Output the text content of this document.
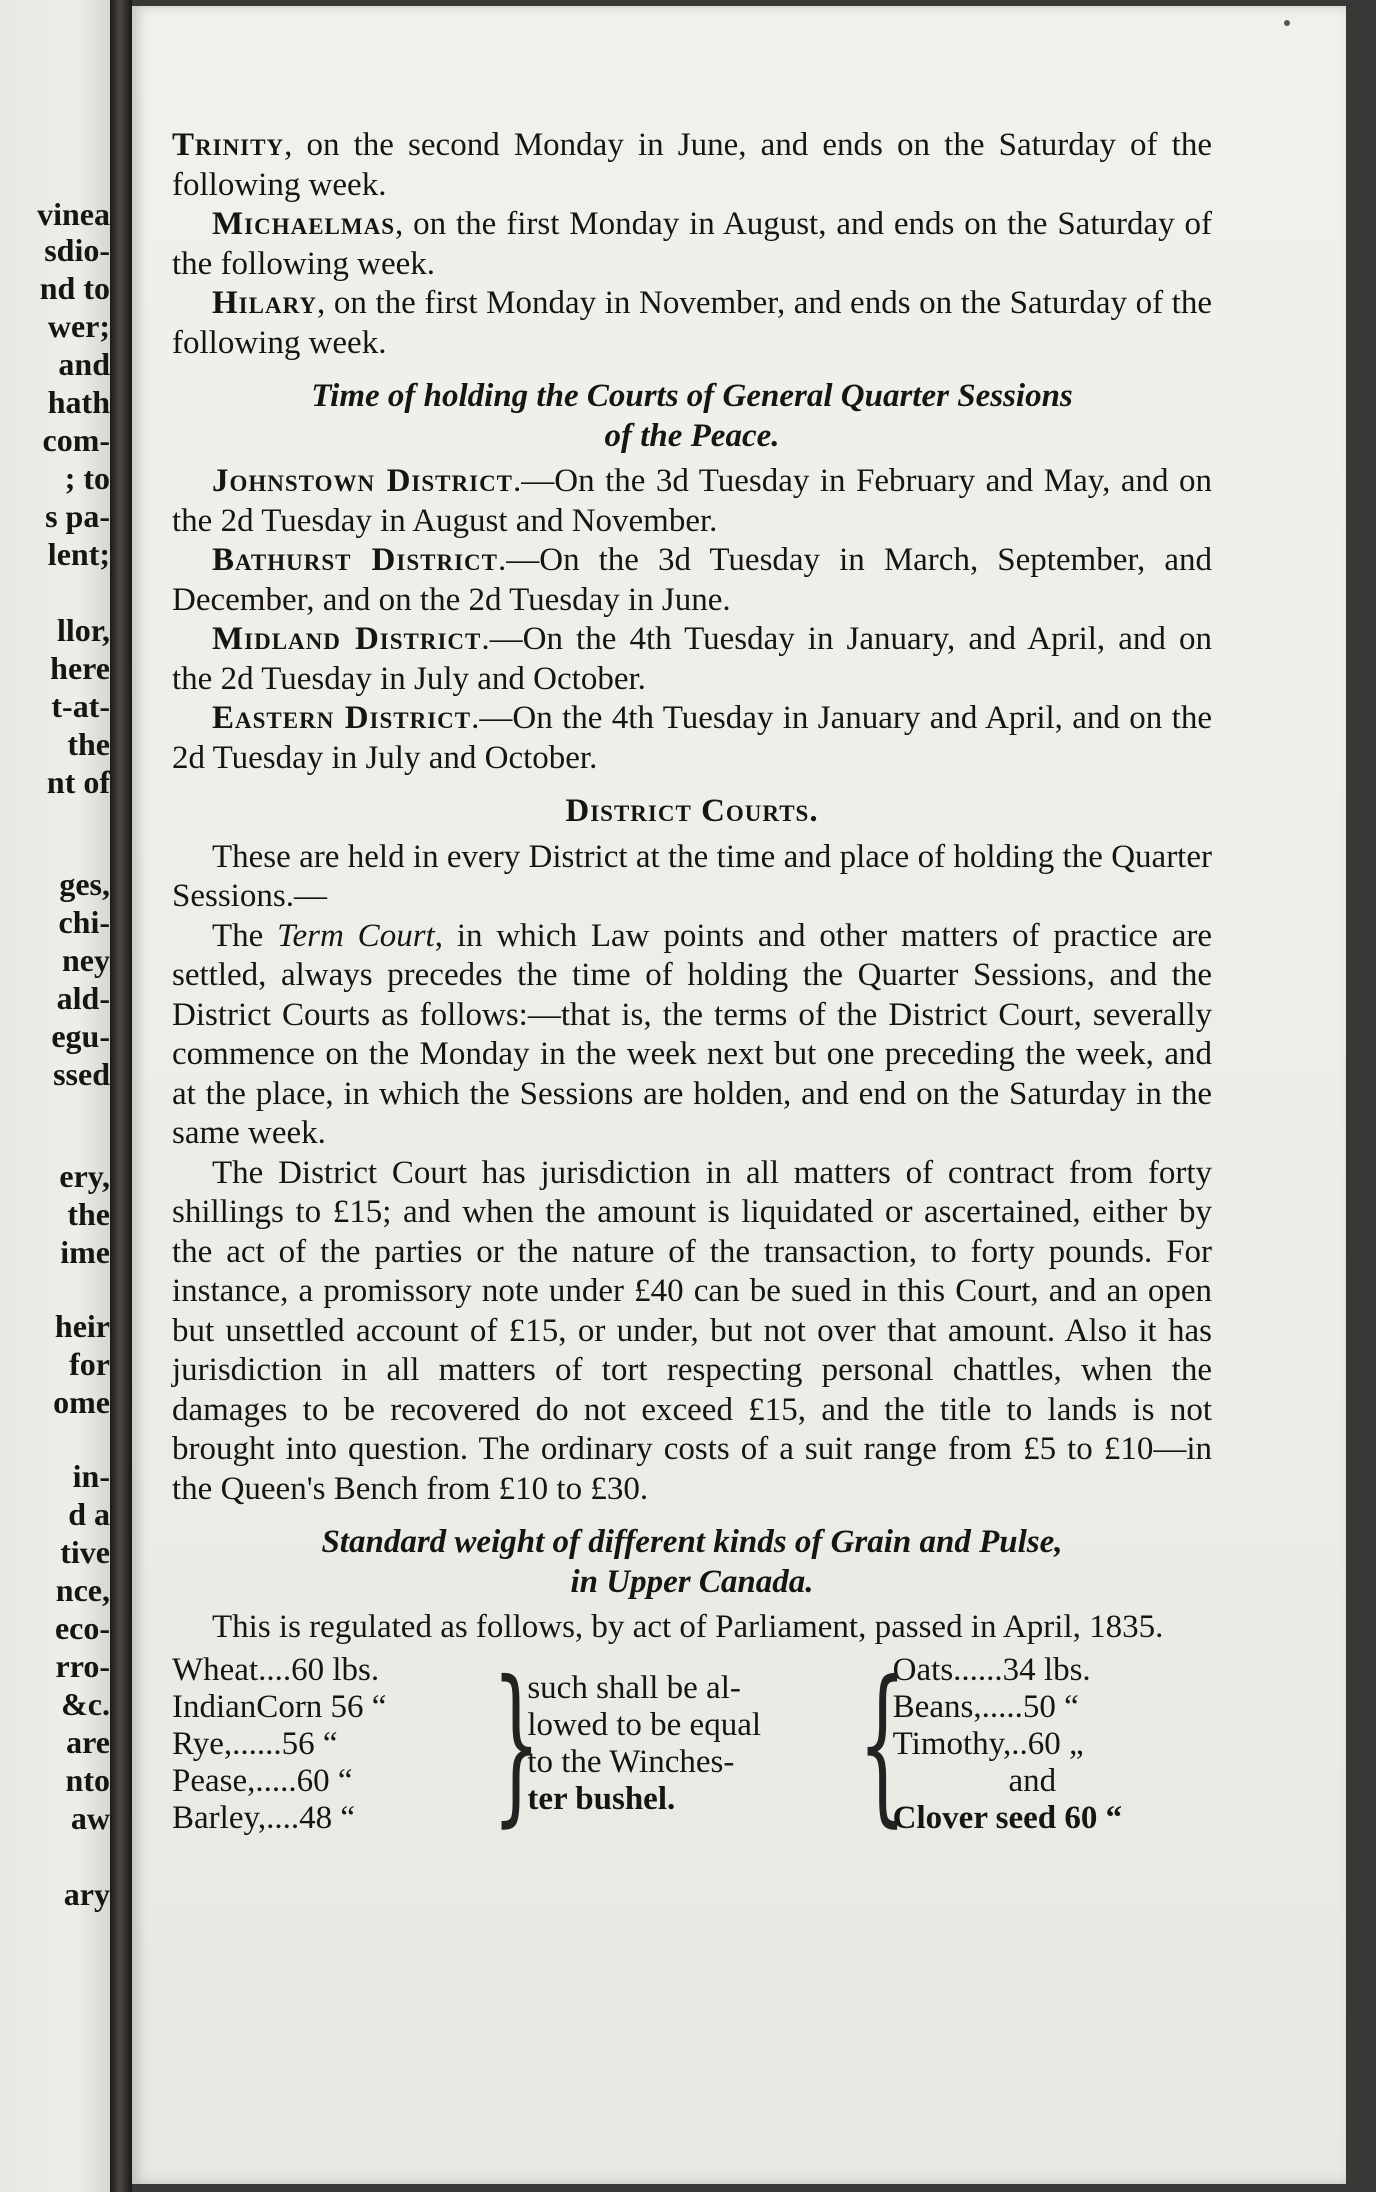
vinea
sdio-
nd to
wer;
and
hath
com-
; to
s pa-
lent;
llor,
here
t-at-
the
nt of
ges,
chi-
ney
ald-
egu-
ssed
ery,
the
ime
heir
for
ome
in-
d a
tive
nce,
eco-
rro-
&c.
are
nto
aw
ary

Trinity, on the second Monday in June, and ends on the Saturday of the following week.

Michaelmas, on the first Monday in August, and ends on the Saturday of the following week.

Hilary, on the first Monday in November, and ends on the Saturday of the following week.

Time of holding the Courts of General Quarter Sessions
of the Peace.

Johnstown District.—On the 3d Tuesday in February and May, and on the 2d Tuesday in August and November.

Bathurst District.—On the 3d Tuesday in March, September, and December, and on the 2d Tuesday in June.

Midland District.—On the 4th Tuesday in January, and April, and on the 2d Tuesday in July and October.

Eastern District.—On the 4th Tuesday in January and April, and on the 2d Tuesday in July and October.

District Courts.

These are held in every District at the time and place of holding the Quarter Sessions.—

The Term Court, in which Law points and other matters of practice are settled, always precedes the time of holding the Quarter Sessions, and the District Courts as follows:—that is, the terms of the District Court, severally commence on the Monday in the week next but one preceding the week, and at the place, in which the Sessions are holden, and end on the Saturday in the same week.

The District Court has jurisdiction in all matters of contract from forty shillings to £15; and when the amount is liquidated or ascertained, either by the act of the parties or the nature of the transaction, to forty pounds. For instance, a promissory note under £40 can be sued in this Court, and an open but unsettled account of £15, or under, but not over that amount. Also it has jurisdiction in all matters of tort respecting personal chattles, when the damages to be recovered do not exceed £15, and the title to lands is not brought into question. The ordinary costs of a suit range from £5 to £10—in the Queen's Bench from £10 to £30.

Standard weight of different kinds of Grain and Pulse,
in Upper Canada.

This is regulated as follows, by act of Parliament, passed in April, 1835.

Wheat....60 lbs.
IndianCorn 56 “
Rye,......56 “
Pease,.....60 “
Barley,....48 “ }
such shall be al-
lowed to be equal
to the Winches-
ter bushel.	{
Oats......34 lbs.
Beans,.....50 “
Timothy,..60 „
and
Clover seed 60 “
